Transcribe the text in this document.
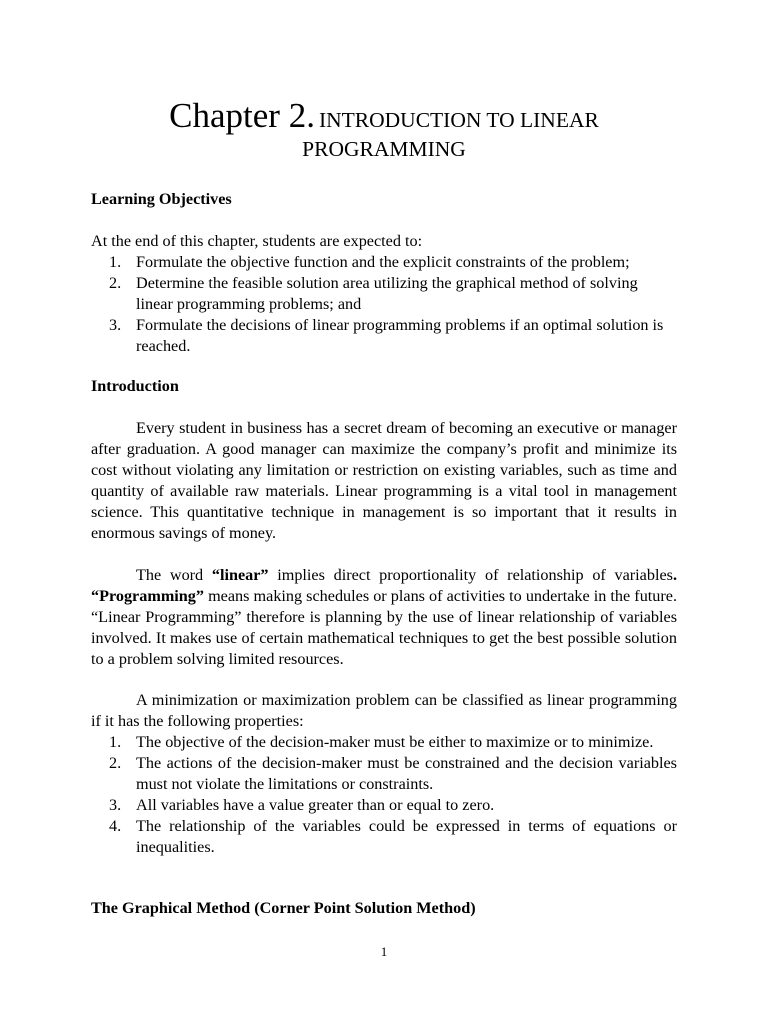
Chapter 2. INTRODUCTION TO LINEAR
PROGRAMMING
Learning Objectives
At the end of this chapter, students are expected to:
1. Formulate the objective function and the explicit constraints of the problem;
2. Determine the feasible solution area utilizing the graphical method of solving linear programming problems; and
3. Formulate the decisions of linear programming problems if an optimal solution is reached.
Introduction
Every student in business has a secret dream of becoming an executive or manager after graduation. A good manager can maximize the company’s profit and minimize its cost without violating any limitation or restriction on existing variables, such as time and quantity of available raw materials. Linear programming is a vital tool in management science. This quantitative technique in management is so important that it results in enormous savings of money.
The word “linear” implies direct proportionality of relationship of variables. “Programming” means making schedules or plans of activities to undertake in the future. “Linear Programming” therefore is planning by the use of linear relationship of variables involved. It makes use of certain mathematical techniques to get the best possible solution to a problem solving limited resources.
A minimization or maximization problem can be classified as linear programming if it has the following properties:
1. The objective of the decision-maker must be either to maximize or to minimize.
2. The actions of the decision-maker must be constrained and the decision variables must not violate the limitations or constraints.
3. All variables have a value greater than or equal to zero.
4. The relationship of the variables could be expressed in terms of equations or inequalities.
The Graphical Method (Corner Point Solution Method)
1
